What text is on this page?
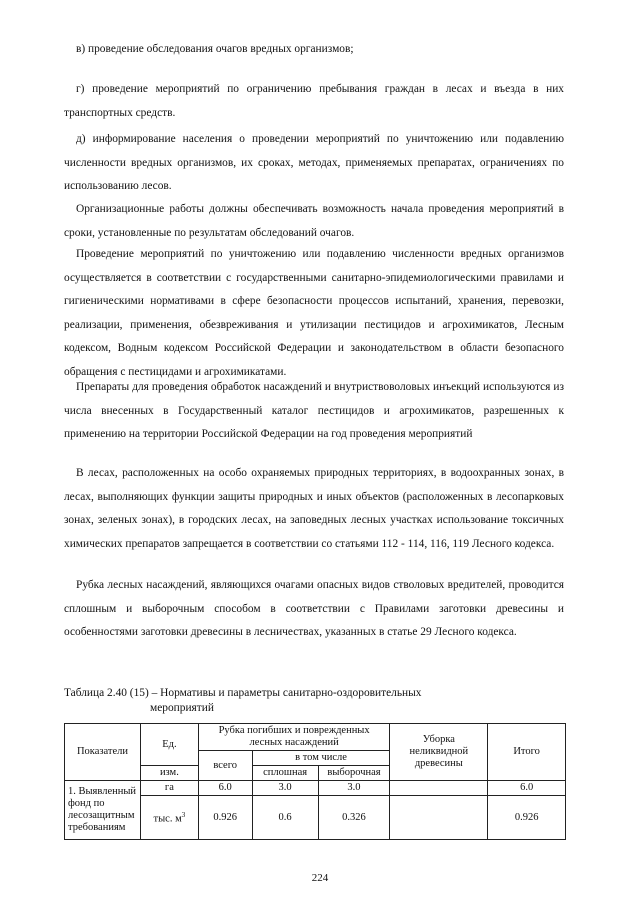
в) проведение обследования очагов вредных организмов;

г) проведение мероприятий по ограничению пребывания граждан в лесах и въезда в них транспортных средств.

д) информирование населения о проведении мероприятий по уничтожению или подавлению численности вредных организмов, их сроках, методах, применяемых препаратах, ограничениях по использованию лесов.

Организационные работы должны обеспечивать возможность начала проведения мероприятий в сроки, установленные по результатам обследований очагов.

Проведение мероприятий по уничтожению или подавлению численности вредных организмов осуществляется в соответствии с государственными санитарно-эпидемиологическими правилами и гигиеническими нормативами в сфере безопасности процессов испытаний, хранения, перевозки, реализации, применения, обезвреживания и утилизации пестицидов и агрохимикатов, Лесным кодексом, Водным кодексом Российской Федерации и законодательством в области безопасного обращения с пестицидами и агрохимикатами.

Препараты для проведения обработок насаждений и внутриствоволовых инъекций используются из числа внесенных в Государственный каталог пестицидов и агрохимикатов, разрешенных к применению на территории Российской Федерации на год проведения мероприятий

В лесах, расположенных на особо охраняемых природных территориях, в водоохранных зонах, в лесах, выполняющих функции защиты природных и иных объектов (расположенных в лесопарковых зонах, зеленых зонах), в городских лесах, на заповедных лесных участках использование токсичных химических препаратов запрещается в соответствии со статьями 112 - 114, 116, 119 Лесного кодекса.

Рубка лесных насаждений, являющихся очагами опасных видов стволовых вредителей, проводится сплошным и выборочным способом в соответствии с Правилами заготовки древесины и особенностями заготовки древесины в лесничествах, указанных в статье 29 Лесного кодекса.

Таблица 2.40 (15) – Нормативы и параметры санитарно-оздоровительных
мероприятий

Показатели	Ед.	Рубка погибших и поврежденных лесных насаждений			Уборка неликвидной древесины	Итого
		всего	в том числе			
	изм.		сплошная	выборочная		
1. Выявленный фонд по лесозащитным требованиям	га	6.0	3.0	3.0		6.0
	тыс. $м^3$	0.926	0.6	0.326		0.926
224
